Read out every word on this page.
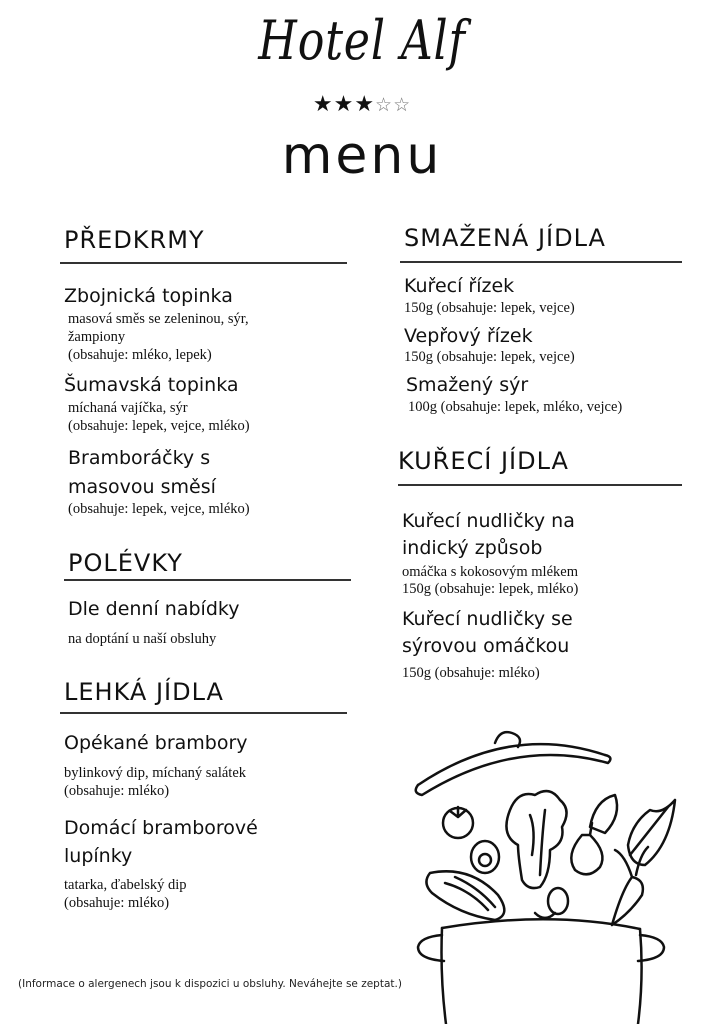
Hotel Alf
★★★☆☆
menu
PŘEDKRMY
Zbojnická topinka
masová směs se zeleninou, sýr,
žampiony
(obsahuje: mléko, lepek)
Šumavská topinka
míchaná vajíčka, sýr
(obsahuje: lepek, vejce, mléko)
Bramboráčky s
masovou směsí
(obsahuje: lepek, vejce, mléko)
POLÉVKY
Dle denní nabídky
na doptání u naší obsluhy
LEHKÁ JÍDLA
Opékané brambory
bylinkový dip, míchaný salátek
(obsahuje: mléko)
Domácí bramborové
lupínky
tatarka, ďabelský dip
(obsahuje: mléko)
SMAŽENÁ JÍDLA
Kuřecí řízek
150g (obsahuje: lepek, vejce)
Vepřový řízek
150g (obsahuje: lepek, vejce)
Smažený sýr
100g (obsahuje: lepek, mléko, vejce)
KUŘECÍ JÍDLA
Kuřecí nudličky na
indický způsob
omáčka s kokosovým mlékem
150g (obsahuje: lepek, mléko)
Kuřecí nudličky se
sýrovou omáčkou
150g (obsahuje: mléko)
(Informace o alergenech jsou k dispozici u obsluhy. Neváhejte se zeptat.)
